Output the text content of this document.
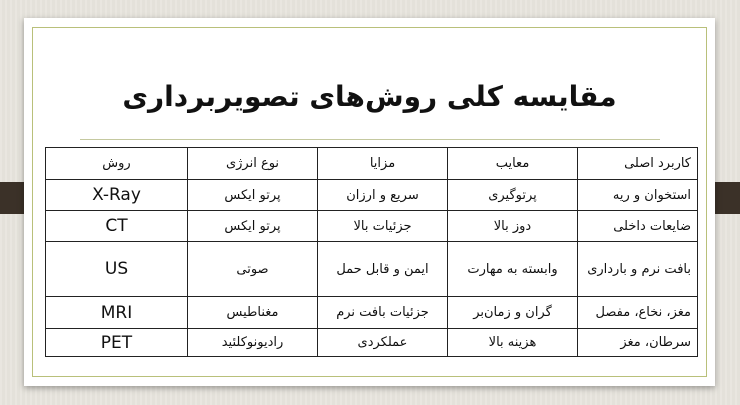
مقایسه کلی روش‌های تصویربرداری
کاربرد اصلی	معایب	مزایا	نوع انرژی	روش
استخوان و ریه	پرتوگیری	سریع و ارزان	پرتو ایکس	X-Ray
ضایعات داخلی	دوز بالا	جزئیات بالا	پرتو ایکس	CT
بافت نرم و بارداری	وابسته به مهارت	ایمن و قابل حمل	صوتی	US
مغز، نخاع، مفصل	گران و زمان‌بر	جزئیات بافت نرم	مغناطیس	MRI
سرطان، مغز	هزینه بالا	عملکردی	رادیونوکلئید	PET
